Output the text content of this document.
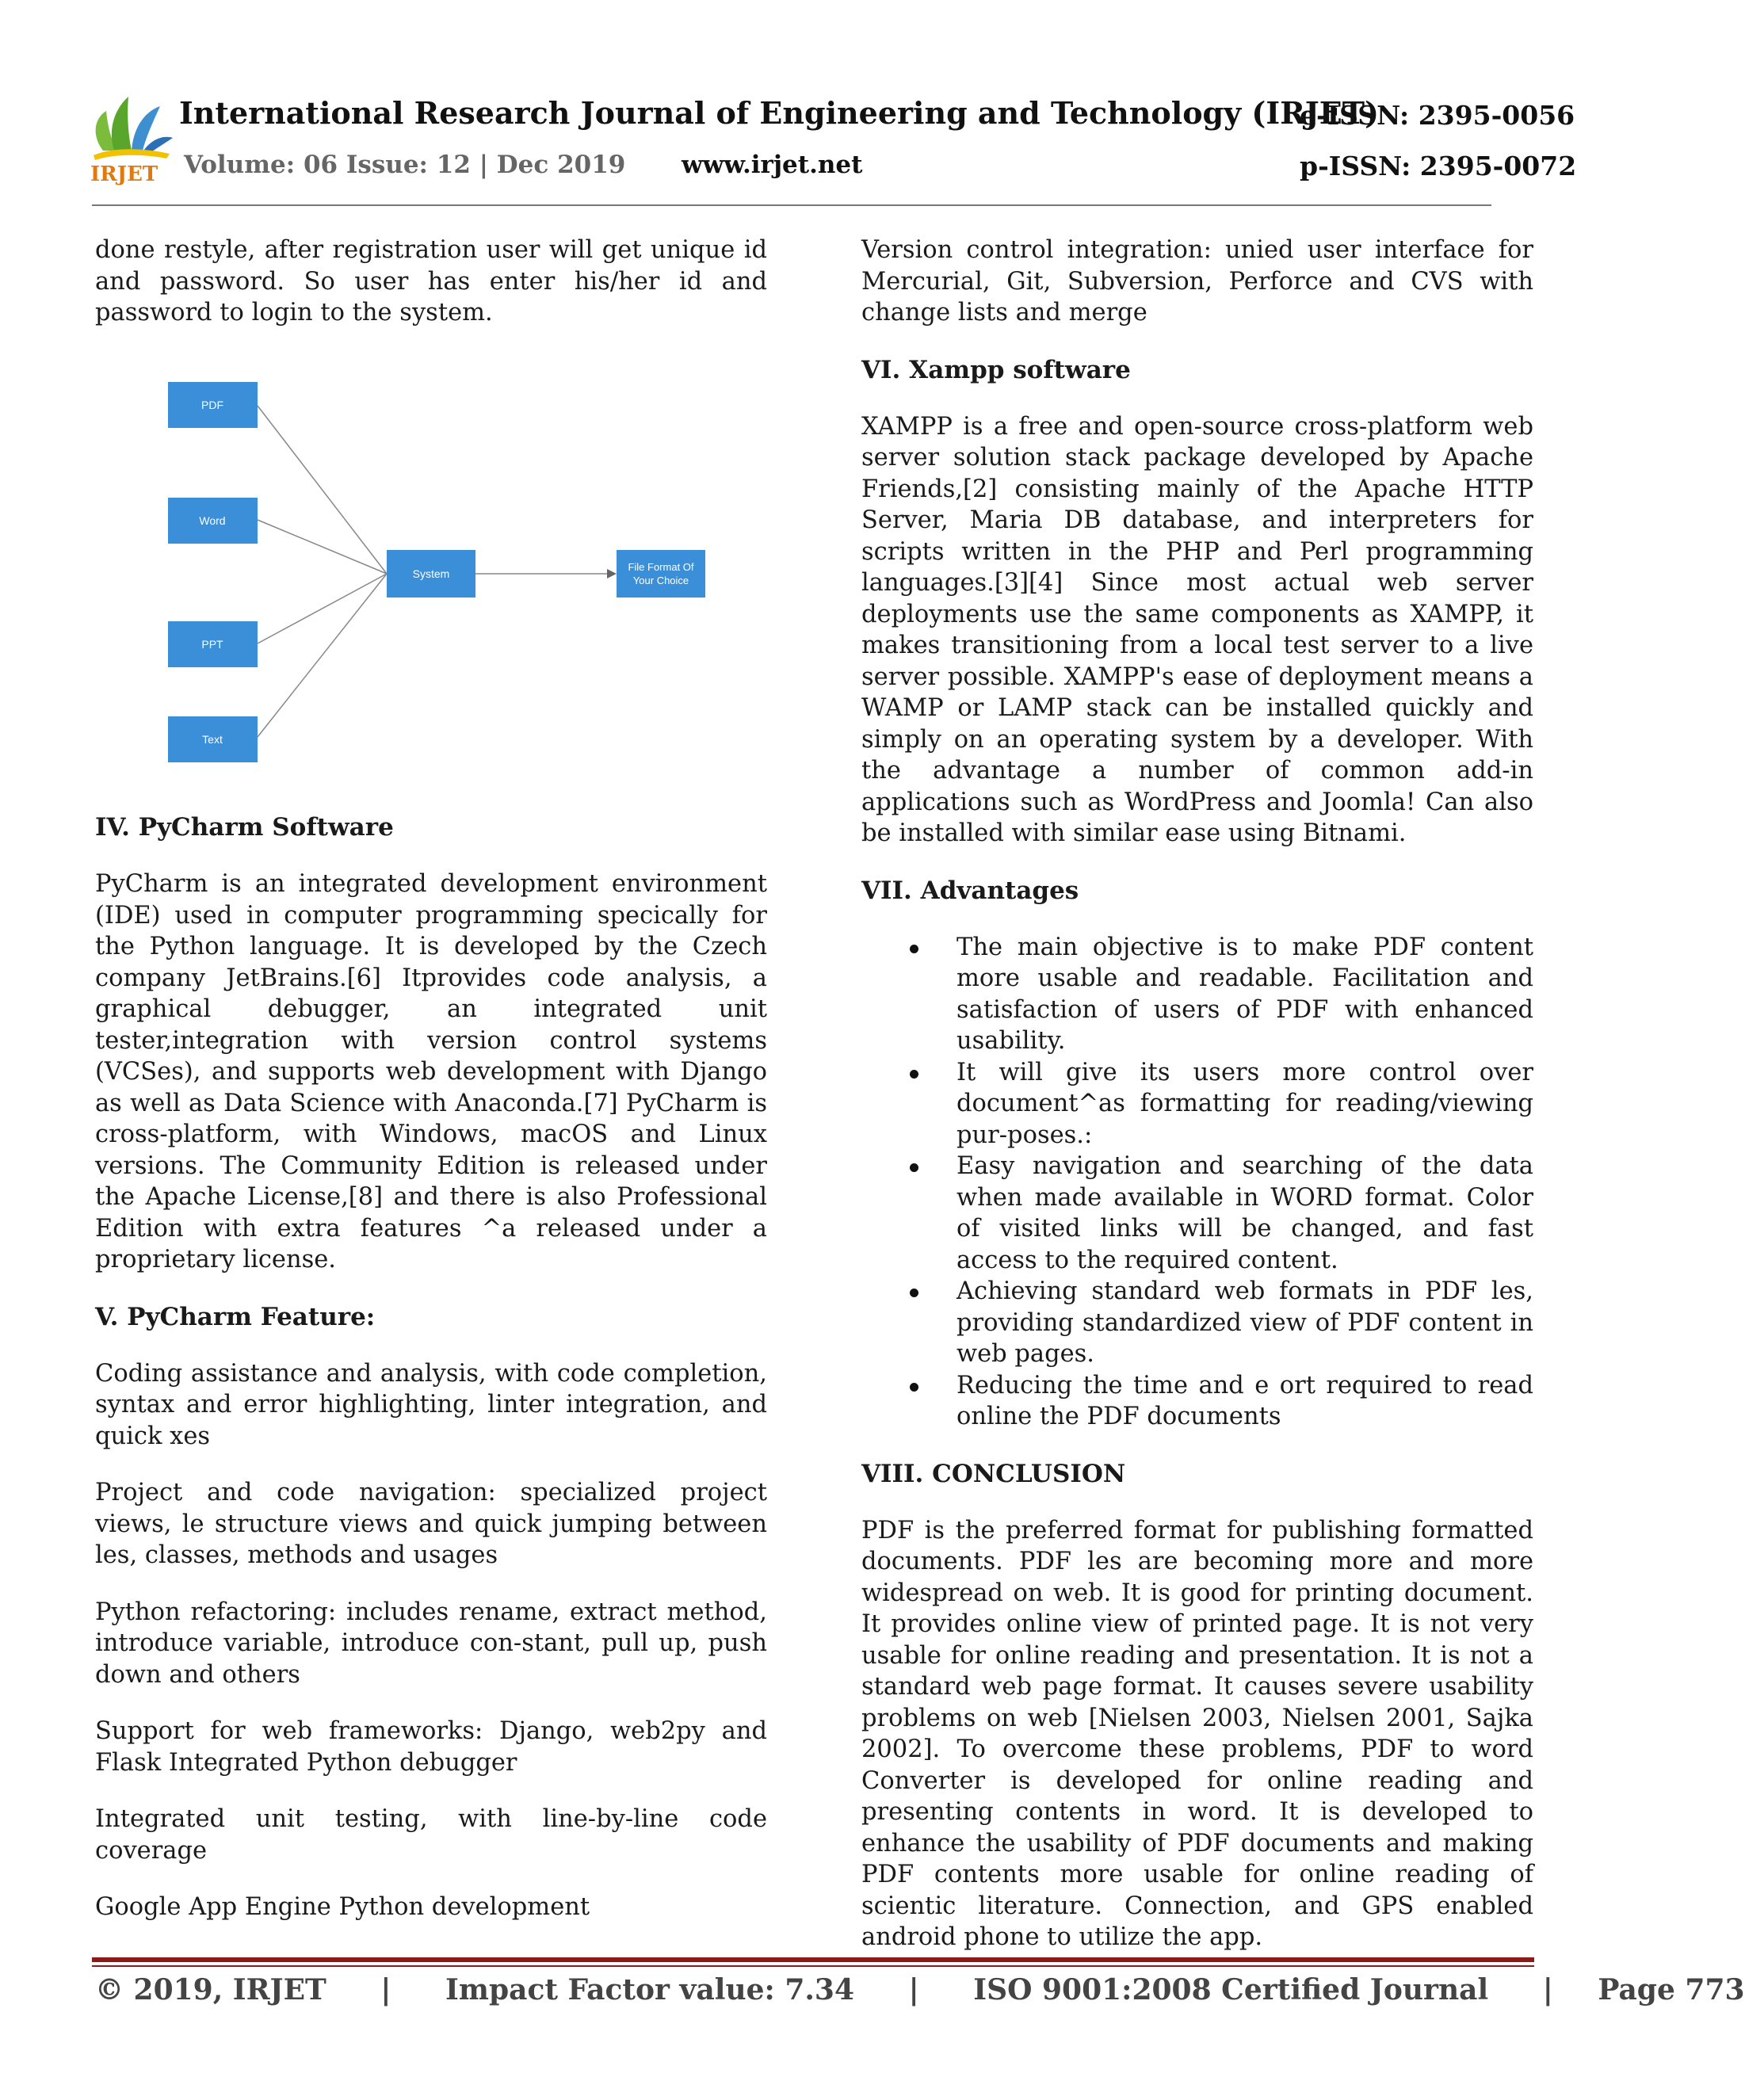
IRJET
International Research Journal of Engineering and Technology (IRJET)
e-ISSN: 2395-0056
Volume: 06 Issue: 12 | Dec 2019 www.irjet.net	p-ISSN: 2395-0072

done restyle, after registration user will get unique id and password. So user has enter his/her id and password to login to the system.

PDF
Word
PPT
Text
System
File Format Of
Your Choice
IV. PyCharm Software

PyCharm is an integrated development environment (IDE) used in computer programming specically for the Python language. It is developed by the Czech company JetBrains.[6] Itprovides code analysis, a graphical debugger, an integrated unit tester,integration with version control systems (VCSes), and supports web development with Django as well as Data Science with Anaconda.[7] PyCharm is cross-platform, with Windows, macOS and Linux versions. The Community Edition is released under the Apache License,[8] and there is also Professional Edition with extra features ^a released under a proprietary license.

V. PyCharm Feature:

Coding assistance and analysis, with code completion, syntax and error highlighting, linter integration, and quick xes

Project and code navigation: specialized project views, le structure views and quick jumping between les, classes, methods and usages

Python refactoring: includes rename, extract method, introduce variable, introduce con-stant, pull up, push down and others

Support for web frameworks: Django, web2py and Flask Integrated Python debugger

Integrated unit testing, with line-by-line code coverage

Google App Engine Python development

Version control integration: unied user interface for Mercurial, Git, Subversion, Perforce and CVS with change lists and merge

VI. Xampp software

XAMPP is a free and open-source cross-platform web server solution stack package developed by Apache Friends,[2] consisting mainly of the Apache HTTP Server, Maria DB database, and interpreters for scripts written in the PHP and Perl programming languages.[3][4] Since most actual web server deployments use the same components as XAMPP, it makes transitioning from a local test server to a live server possible. XAMPP's ease of deployment means a WAMP or LAMP stack can be installed quickly and simply on an operating system by a developer. With the advantage a number of common add-in applications such as WordPress and Joomla! Can also be installed with similar ease using Bitnami.

VII. Advantages
The main objective is to make PDF content more usable and readable. Facilitation and satisfaction of users of PDF with enhanced usability.
It will give its users more control over document^as formatting for reading/viewing pur-poses.:
Easy navigation and searching of the data when made available in WORD format. Color of visited links will be changed, and fast access to the required content.
Achieving standard web formats in PDF les, providing standardized view of PDF content in web pages.
Reducing the time and e ort required to read online the PDF documents
VIII. CONCLUSION

PDF is the preferred format for publishing formatted documents. PDF les are becoming more and more widespread on web. It is good for printing document. It provides online view of printed page. It is not very usable for online reading and presentation. It is not a standard web page format. It causes severe usability problems on web [Nielsen 2003, Nielsen 2001, Sajka 2002]. To overcome these problems, PDF to word Converter is developed for online reading and presenting contents in word. It is developed to enhance the usability of PDF documents and making PDF contents more usable for online reading of scientic literature. Connection, and GPS enabled android phone to utilize the app.

© 2019, IRJET | Impact Factor value: 7.34 | ISO 9001:2008 Certified Journal | Page 773
